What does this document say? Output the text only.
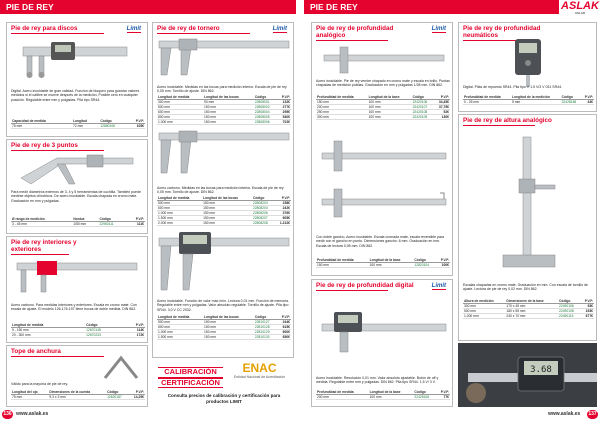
PIE DE REY	PIE DE REY	ASLAK
ASLAK
Pie de rey para discos	Limit
Digital. Acero inoxidable de gran calidad. Función de bloqueo para guardar valores medidos si el calibre se mueve después de la medición. Posible cero en cualquier posición. Regulable entre mm y pulgadas. Pila tipo SR44.
Capacidad de medida	Longitud	Código	P.V.P.
75 mm	72 mm	12850106	105€
Pie de rey de 3 puntos
Para medir diámetros externos de 3, 4 y 5 herramientas de cuchilla. También puede medirse objetos cilíndricos. De acero inoxidable. Escala chapada en cromo mate. Graduación en mm y pulgadas.
Ø rango de medición	Nonius	Código	P.V.P.
3 - 45 mm	1/50 mm	22960111	111€
Pie de rey interiores y exteriores
Acero carbono. Para medidas interiores y exteriores. Escala en cromo mate. Con escala de ajuste. El modelo 126-176-197 tiene bocas de doble medida. DIN 862.
Longitud de medida	Código	P.V.P.
9 - 150 mm	12670145	114€
20 - 300 mm	12670233	172€
Tope de anchura
Válido para la mayoría de pie de rey.
Longitud del ojo	Dimensiones de la cuerda	Código	P.V.P.
75 mm	9,3 x 3 mm	12620187	14,29€
Pie de rey de tornero	Limit
Acero inoxidable. Medidas en las bocas para medición interior. Escala de pie de rey 0,05 mm. Tornillo de ajuste. DIN 862.
Longitud de medida	Longitud de las bocas	Código	P.V.P.
300 mm	90 mm	22808001	132€
500 mm	150 mm	22808002	277€
600 mm	150 mm	22808004	295€
800 mm	150 mm	22808005	540€
1.000 mm	150 mm	22808006	702€
Acero carbono. Medidas en las bocas para medición interior. Escala de pie de rey 0,05 mm. Tornillo de ajuste. DIN 862.
Longitud de medida	Longitud de las bocas	Código	P.V.P.
500 mm	150 mm	22808203	158€
600 mm	150 mm	22808204	242€
1.000 mm	150 mm	22808206	376€
1.500 mm	150 mm	22808207	605€
2.000 mm	150 mm	22808208	1.212€
Acero inoxidable. Función de valor máx./mín. Lectura 0,01 mm. Función de memoria. Regulable entre mm y pulgadas. Valor absoluto regulable. Tornillo de ajuste. Pila tipo SR44. 3,0 V CC 2032.
Longitud de medida	Longitud de las bocas	Código	P.V.P.
500 mm	150 mm	22810127	244€
600 mm	150 mm	22810128	615€
1.000 mm	150 mm	22810129	600€
1.500 mm	150 mm	22810130	650€
CALIBRACIÓN
CERTIFICACIÓN
ENAC
Entidad Nacional de Acreditación
Consulta precios de calibración y certificación para productos LIMIT
Pie de rey de profundidad analógico
Limit
Acero inoxidable. Pie de rey vernier chapado en cromo mate y escala en brillo. Puntas chapadas de medición pulidas. Graduación en mm y pulgadas 1/28 mm. DIN 862.
Profundidad de medida	Longitud de la base	Código	P.V.P.
150 mm	100 mm	22420106	34,45€
200 mm	100 mm	22420107	37,75€
250 mm	100 mm	22420108	52€
300 mm	100 mm	22420109	130€
Con doble gancho. Acero inoxidable. Escala cromada mate, escala reversible para medir con el gancho en punto. Dimensiones gancho: 6 mm. Graduación en mm. Escala de lectura 0,05 mm. DIN 862.
Profundidad de medida	Longitud de la base	Código	P.V.P.
150 mm	100 mm	12820104	100€
Pie de rey de profundidad digital	Limit
Acero inoxidable. Resolución 0,01 mm. Valor absoluto ajustable. Botón de off y medida. Regulable entre mm y pulgadas. DIN 862. Pila tipo SR44. 1,5 V/ 3 V.
Profundidad de medida	Longitud de la base	Código	P.V.P.
200 mm	100 mm	22428108	77€
Pie de rey de profundidad neumáticos
Digital. Pilas de repuesto SR44. Pila tipo V 1.5 V/3 V 031 SR44.
Profundidad de medida	Longitud de la medición	Código	P.V.P.
0 - 25 mm	5 mm	22428156	43€
Pie de rey de altura analógico
Escalas chapadas en cromo mate. Graduación en mm. Con escala de tornillo de ajuste. Lectura de pie de rey 0,02 mm. DIN 862.
Altura de medición	Dimensiones de la base	Código	P.V.P.
300 mm	170 x 45 mm	22490106	93€
500 mm	180 x 55 mm	22490108	153€
1.000 mm	240 x 70 mm	22490115	677€
3.68
136 www.aslak.es	www.aslak.es 137
